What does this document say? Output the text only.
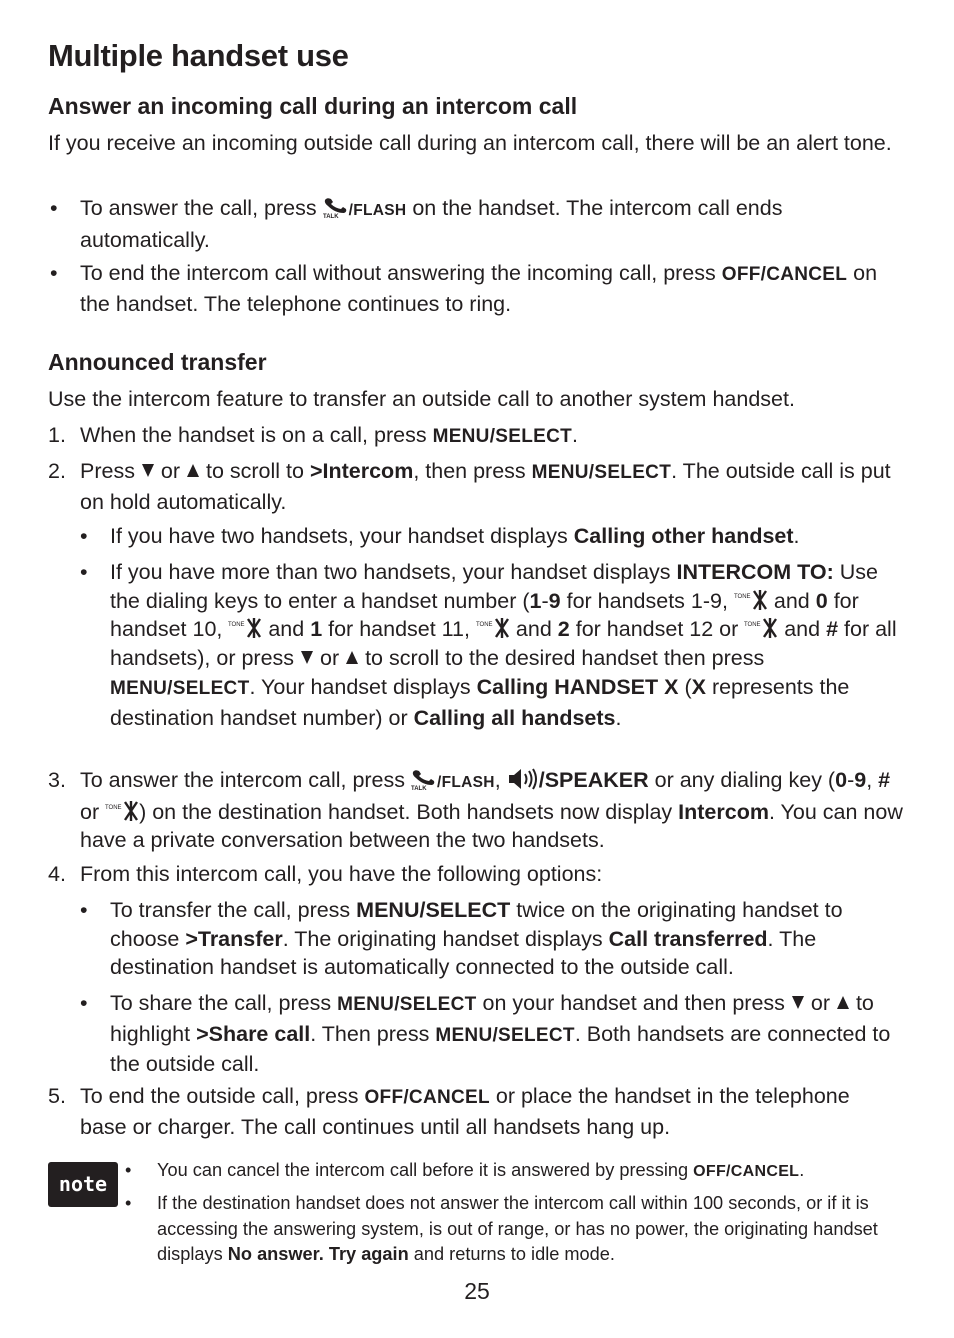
Multiple handset use
Answer an incoming call during an intercom call
If you receive an incoming outside call during an intercom call, there will be an alert tone.
• To answer the call, press TALK /FLASH on the handset. The intercom call ends automatically.
• To end the intercom call without answering the incoming call, press OFF/CANCEL on the handset. The telephone continues to ring.
Announced transfer
Use the intercom feature to transfer an outside call to another system handset.
1. When the handset is on a call, press MENU/SELECT.
2. Press  or  to scroll to >Intercom, then press MENU/SELECT. The outside call is put on hold automatically.
• If you have two handsets, your handset displays Calling other handset.
• If you have more than two handsets, your handset displays INTERCOM TO: Use the dialing keys to enter a handset number (1-9 for handsets 1-9, TONE and 0 for handset 10, TONE and 1 for handset 11, TONE and 2 for handset 12 or TONE and # for all handsets), or press  or  to scroll to the desired handset then press MENU/SELECT. Your handset displays Calling HANDSET X (X represents the destination handset number) or Calling all handsets.
3. To answer the intercom call, press TALK /FLASH, /SPEAKER or any dialing key (0-9, # or TONE ) on the destination handset. Both handsets now display Intercom. You can now have a private conversation between the two handsets.
4. From this intercom call, you have the following options:
• To transfer the call, press MENU/SELECT twice on the originating handset to choose >Transfer. The originating handset displays Call transferred. The destination handset is automatically connected to the outside call.
• To share the call, press MENU/SELECT on your handset and then press  or  to highlight >Share call. Then press MENU/SELECT. Both handsets are connected to the outside call.
5. To end the outside call, press OFF/CANCEL or place the handset in the telephone base or charger. The call continues until all handsets hang up.
note
• You can cancel the intercom call before it is answered by pressing OFF/CANCEL.
• If the destination handset does not answer the intercom call within 100 seconds, or if it is accessing the answering system, is out of range, or has no power, the originating handset displays No answer. Try again and returns to idle mode.
25
